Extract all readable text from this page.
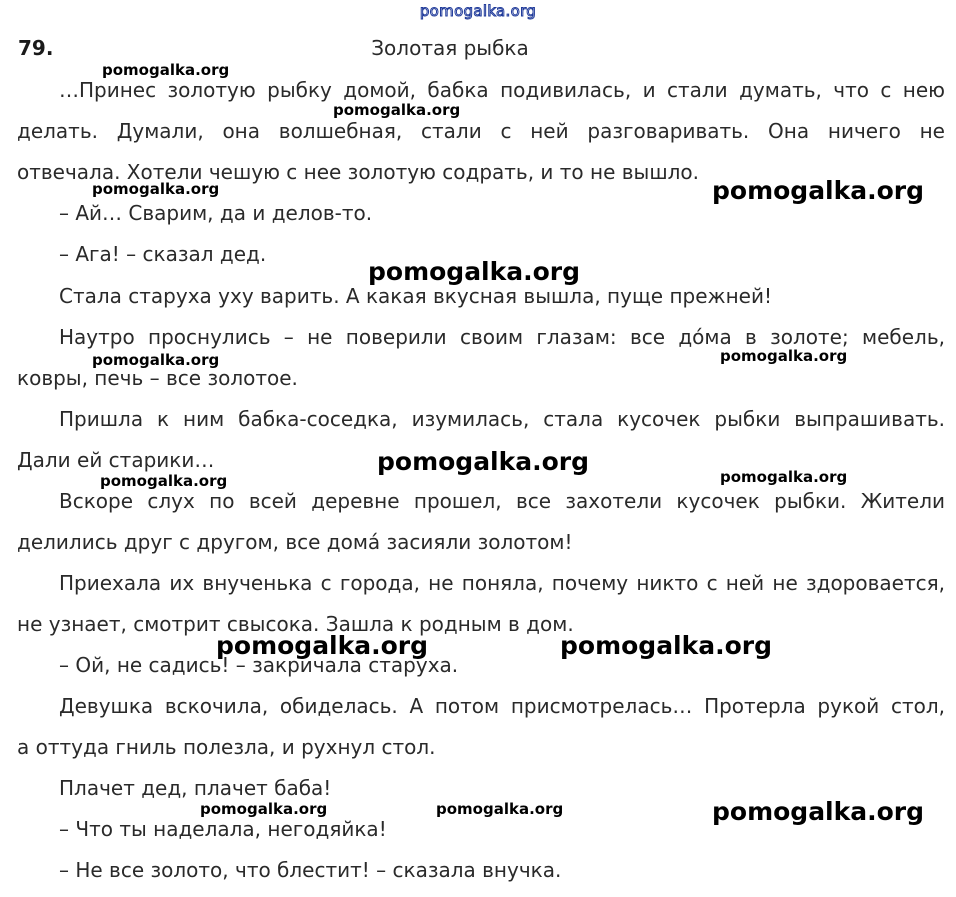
pomogalka.org
79.	Золотая рыбка
…Принес золотую рыбку домой, бабка подивилась, и стали думать, что с нею
делать. Думали, она волшебная, стали с ней разговаривать. Она ничего не
отвечала. Хотели чешую с нее золотую содрать, и то не вышло.
– Ай… Сварим, да и делов-то.
– Ага! – сказал дед.
Стала старуха уху варить. А какая вкусная вышла, пуще прежней!
Наутро проснулись – не поверили своим глазам: все до́ма в золоте; мебель,
ковры, печь – все золотое.
Пришла к ним бабка-соседка, изумилась, стала кусочек рыбки выпрашивать.
Дали ей старики…
Вскоре слух по всей деревне прошел, все захотели кусочек рыбки. Жители
делились друг с другом, все дома́ засияли золотом!
Приехала их внученька с города, не поняла, почему никто с ней не здоровается,
не узнает, смотрит свысока. Зашла к родным в дом.
– Ой, не садись! – закричала старуха.
Девушка вскочила, обиделась. А потом присмотрелась… Протерла рукой стол,
а оттуда гниль полезла, и рухнул стол.
Плачет дед, плачет баба!
– Что ты наделала, негодяйка!
– Не все золото, что блестит! – сказала внучка.
pomogalka.org
pomogalka.org
pomogalka.org	pomogalka.org
pomogalka.org
pomogalka.org	pomogalka.org
pomogalka.org
pomogalka.org	pomogalka.org
pomogalka.org	pomogalka.org
pomogalka.org	pomogalka.org	pomogalka.org
